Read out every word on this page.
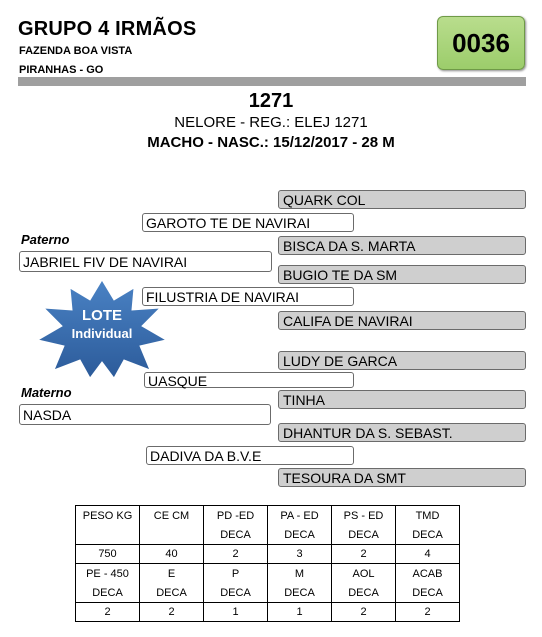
GRUPO 4 IRMÃOS
FAZENDA BOA VISTA
PIRANHAS - GO
0036
1271
NELORE - REG.: ELEJ 1271
MACHO - NASC.: 15/12/2017 - 28 M
QUARK COL
BISCA DA S. MARTA
BUGIO TE DA SM
CALIFA DE NAVIRAI
LUDY DE GARCA
TINHA
DHANTUR DA S. SEBAST.
TESOURA DA SMT
GAROTO TE DE NAVIRAI
FILUSTRIA DE NAVIRAI
UASQUE
DADIVA DA B.V.E
Paterno
JABRIEL FIV DE NAVIRAI
Materno
NASDA
LOTE
Individual
PESO KG	CE CM	PD -ED	PA - ED	PS - ED	TMD
		DECA	DECA	DECA	DECA
750	40	2	3	2	4
PE - 450	E	P	M	AOL	ACAB
DECA	DECA	DECA	DECA	DECA	DECA
2	2	1	1	2	2
